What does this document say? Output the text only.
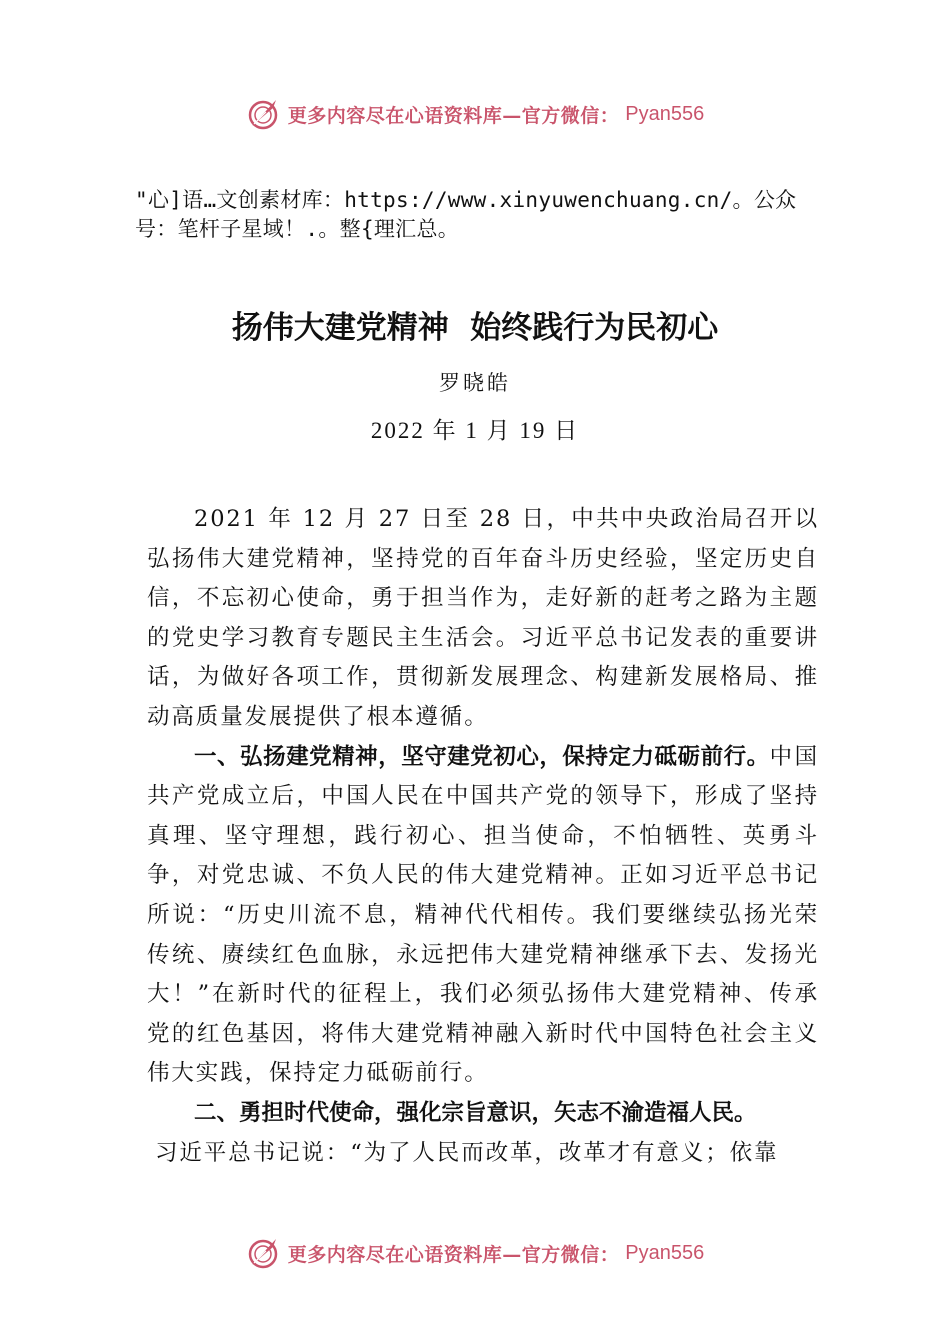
更多内容尽在心语资料库—官方微信： Pyan556
"心]语…文创素材库：https://www.xinyuwenchuang.cn/。公众号：笔杆子星域！.。整{理汇总。
扬伟大建党精神  始终践行为民初心
罗晓皓
2022 年 1 月 19 日

2021 年 12 月 27 日至 28 日，中共中央政治局召开以弘扬伟大建党精神，坚持党的百年奋斗历史经验，坚定历史自信，不忘初心使命，勇于担当作为，走好新的赶考之路为主题的党史学习教育专题民主生活会。习近平总书记发表的重要讲话，为做好各项工作，贯彻新发展理念、构建新发展格局、推动高质量发展提供了根本遵循。

一、弘扬建党精神，坚守建党初心，保持定力砥砺前行。中国共产党成立后，中国人民在中国共产党的领导下，形成了坚持真理、坚守理想，践行初心、担当使命，不怕牺牲、英勇斗争，对党忠诚、不负人民的伟大建党精神。正如习近平总书记所说：“历史川流不息，精神代代相传。我们要继续弘扬光荣传统、赓续红色血脉，永远把伟大建党精神继承下去、发扬光大！”在新时代的征程上，我们必须弘扬伟大建党精神、传承党的红色基因，将伟大建党精神融入新时代中国特色社会主义伟大实践，保持定力砥砺前行。

二、勇担时代使命，强化宗旨意识，矢志不渝造福人民。

习近平总书记说：“为了人民而改革，改革才有意义；依靠

更多内容尽在心语资料库—官方微信： Pyan556
